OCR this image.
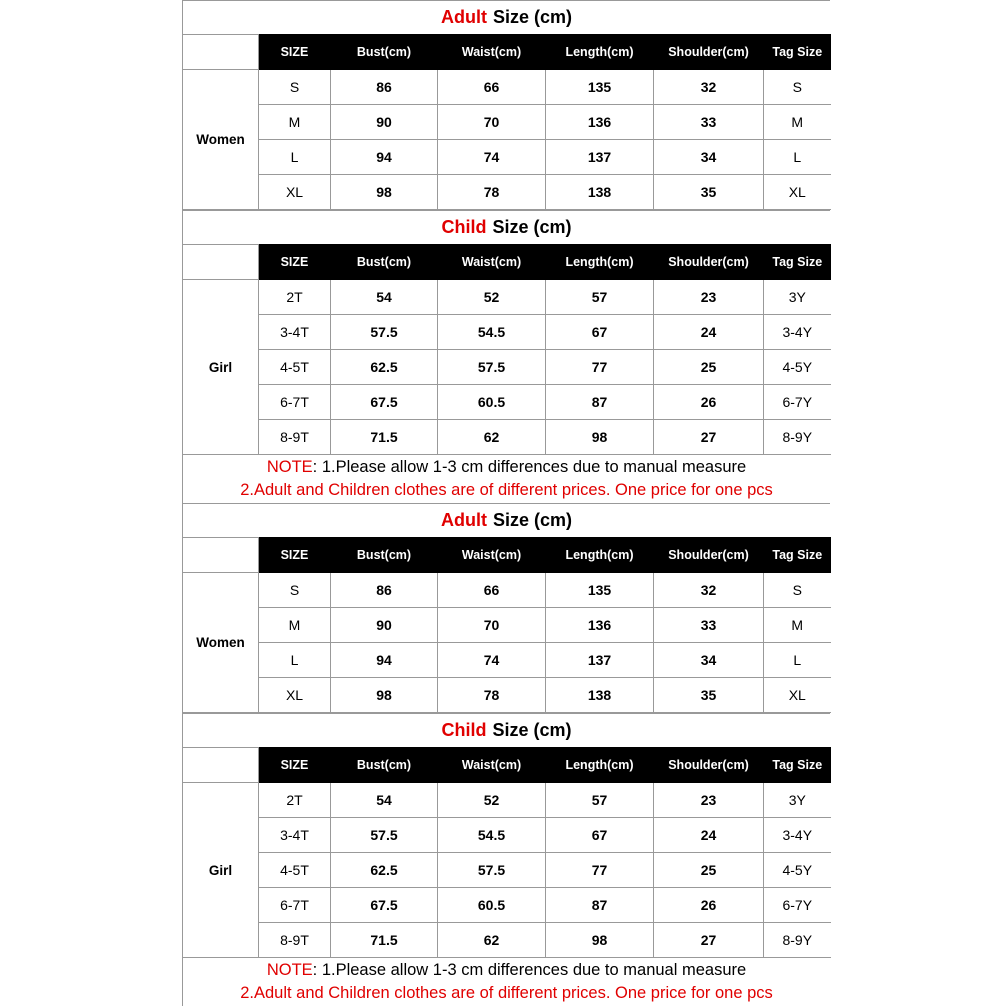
Adult Size (cm)
	SIZE	Bust(cm)	Waist(cm)	Length(cm)	Shoulder(cm)	Tag Size
Women	S	86	66	135	32	S
	M	90	70	136	33	M
	L	94	74	137	34	L
	XL	98	78	138	35	XL
Child Size (cm)
	SIZE	Bust(cm)	Waist(cm)	Length(cm)	Shoulder(cm)	Tag Size
Girl	2T	54	52	57	23	3Y
	3-4T	57.5	54.5	67	24	3-4Y
	4-5T	62.5	57.5	77	25	4-5Y
	6-7T	67.5	60.5	87	26	6-7Y
	8-9T	71.5	62	98	27	8-9Y
NOTE: 1.Please allow 1-3 cm differences due to manual measure
2.Adult and Children clothes are of different prices. One price for one pcs
Adult Size (cm)
	SIZE	Bust(cm)	Waist(cm)	Length(cm)	Shoulder(cm)	Tag Size
Women	S	86	66	135	32	S
	M	90	70	136	33	M
	L	94	74	137	34	L
	XL	98	78	138	35	XL
Child Size (cm)
	SIZE	Bust(cm)	Waist(cm)	Length(cm)	Shoulder(cm)	Tag Size
Girl	2T	54	52	57	23	3Y
	3-4T	57.5	54.5	67	24	3-4Y
	4-5T	62.5	57.5	77	25	4-5Y
	6-7T	67.5	60.5	87	26	6-7Y
	8-9T	71.5	62	98	27	8-9Y
NOTE: 1.Please allow 1-3 cm differences due to manual measure
2.Adult and Children clothes are of different prices. One price for one pcs
